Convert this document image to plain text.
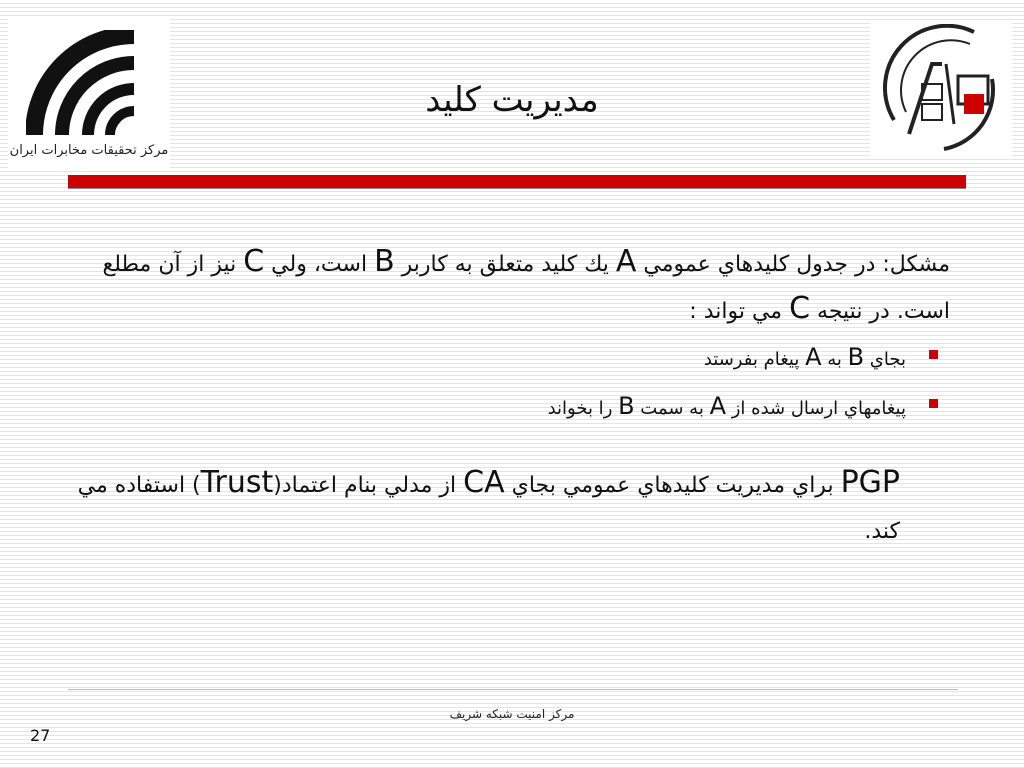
مرکز تحقیقات مخابرات ایران
مديريت كليد

مشكل: در جدول كليدهاي عمومي A يك كليد متعلق به كاربر B است، ولي C نيز از آن مطلع است. در نتيجه C مي تواند :

بجاي B به A پيغام بفرستد
پيغامهاي ارسال شده از A به سمت B را بخواند

PGP براي مديريت كليدهاي عمومي بجاي CA از مدلي بنام اعتماد(Trust) استفاده مي كند.

مرکز امنیت شبکه شریف
27
